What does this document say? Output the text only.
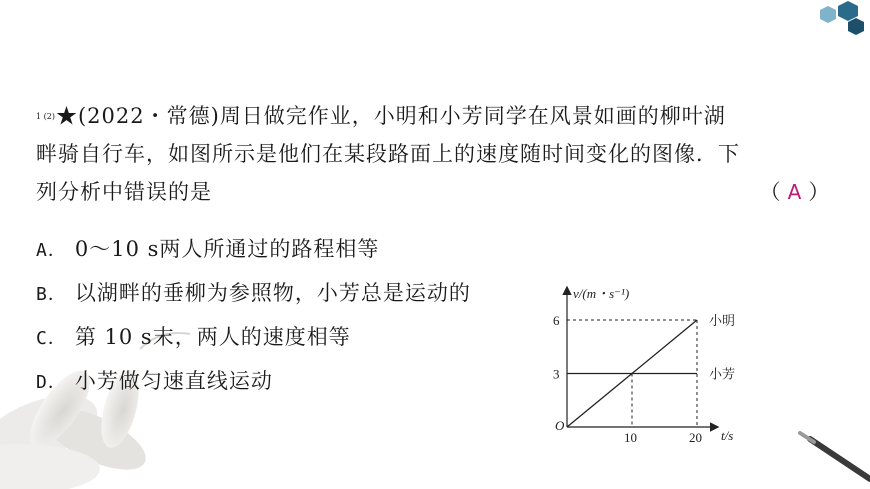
1 (2)★(2022・常德)周日做完作业，小明和小芳同学在风景如画的柳叶湖
畔骑自行车，如图所示是他们在某段路面上的速度随时间变化的图像．下
列分析中错误的是	（ A ）
A． 0～10 s两人所通过的路程相等
B． 以湖畔的垂柳为参照物，小芳总是运动的
C． 第 10 s末，两人的速度相等
D． 小芳做匀速直线运动
v/(m・s⁻¹)
t/s
O
6
3
10	20
小明
小芳
